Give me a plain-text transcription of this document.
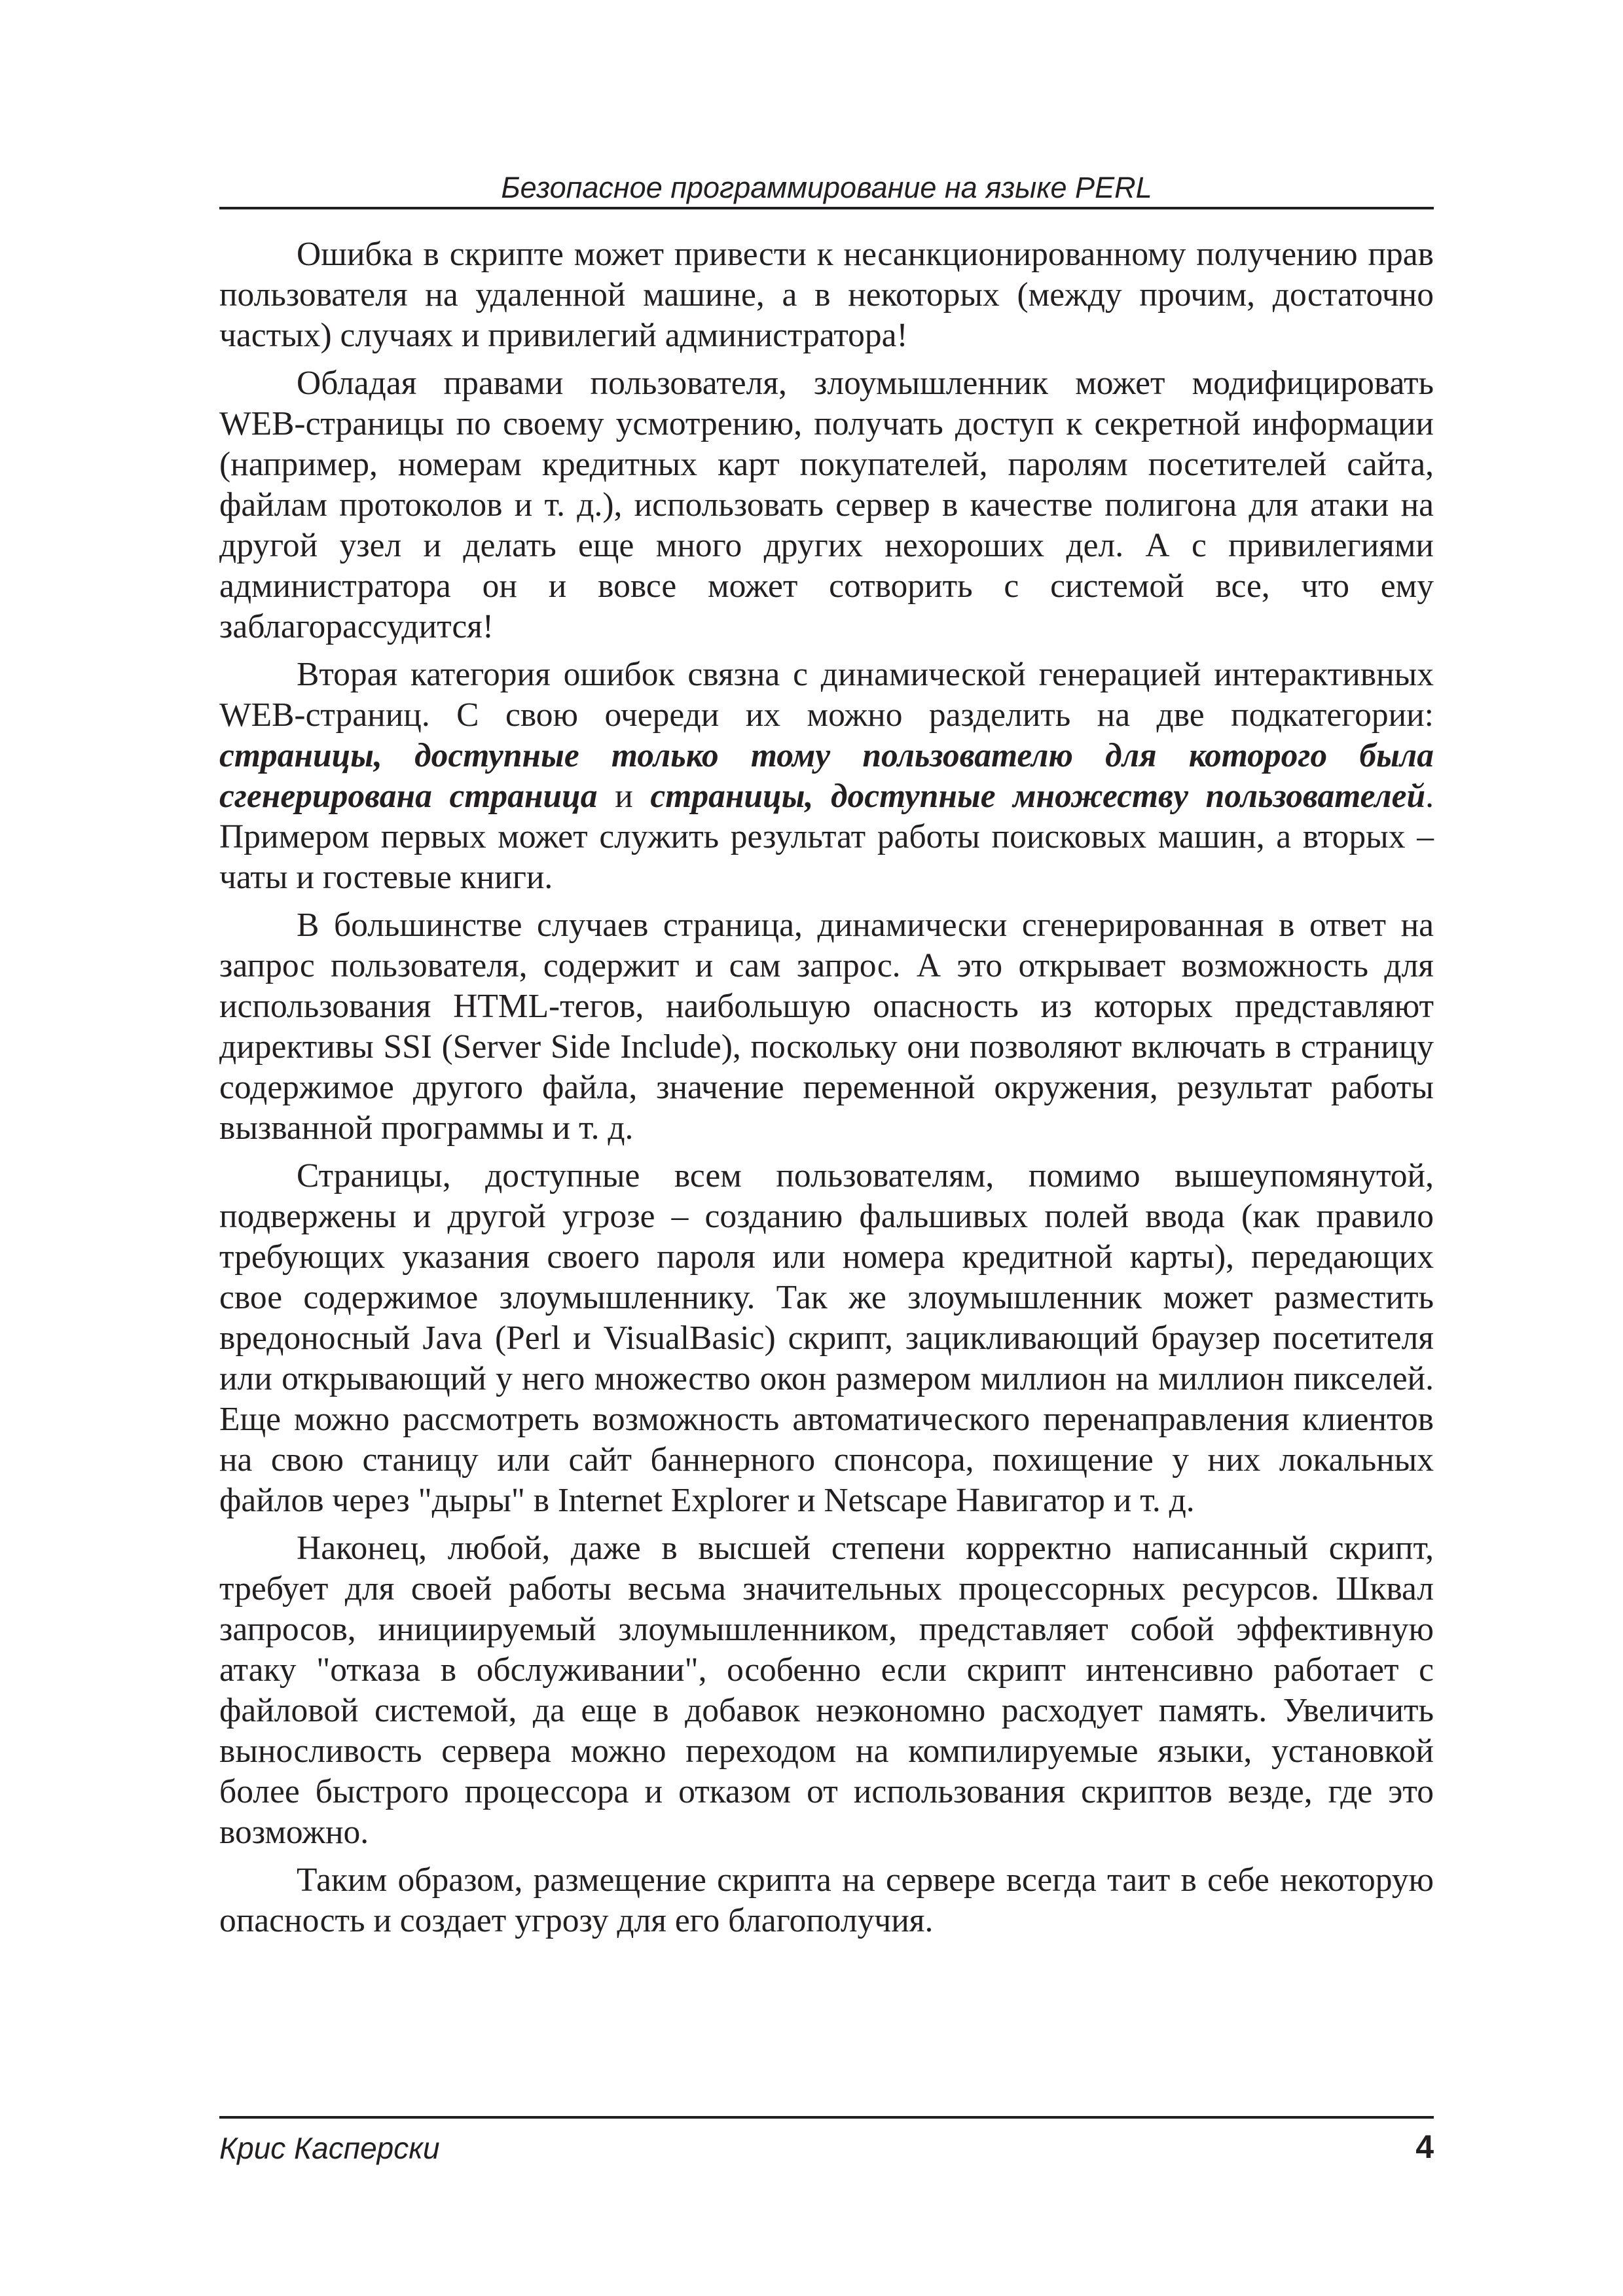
Безопасное программирование на языке PERL

Ошибка в скрипте может привести к несанкционированному получению прав пользователя на удаленной машине, а в некоторых (между прочим, достаточно частых) случаях и привилегий администратора!

Обладая правами пользователя, злоумышленник может модифицировать WEB-страницы по своему усмотрению, получать доступ к секретной информации (например, номерам кредитных карт покупателей, паролям посетителей сайта, файлам протоколов и т. д.), использовать сервер в качестве полигона для атаки на другой узел и делать еще много других нехороших дел. А с привилегиями администратора он и вовсе может сотворить с системой все, что ему заблагорассудится!

Вторая категория ошибок связна с динамической генерацией интерактивных WEB-страниц. С свою очереди их можно разделить на две подкатегории: страницы, доступные только тому пользователю для которого была сгенерирована страница и страницы, доступные множеству пользователей. Примером первых может служить результат работы поисковых машин, а вторых – чаты и гостевые книги.

В большинстве случаев страница, динамически сгенерированная в ответ на запрос пользователя, содержит и сам запрос. А это открывает возможность для использования HTML-тегов, наибольшую опасность из которых представляют директивы SSI (Server Side Include), поскольку они позволяют включать в страницу содержимое другого файла, значение переменной окружения, результат работы вызванной программы и т. д.

Страницы, доступные всем пользователям, помимо вышеупомянутой, подвержены и другой угрозе – созданию фальшивых полей ввода (как правило требующих указания своего пароля или номера кредитной карты), передающих свое содержимое злоумышленнику. Так же злоумышленник может разместить вредоносный Java (Perl и VisualBasic) скрипт, зацикливающий браузер посетителя или открывающий у него множество окон размером миллион на миллион пикселей. Еще можно рассмотреть возможность автоматического перенаправления клиентов на свою станицу или сайт баннерного спонсора, похищение у них локальных файлов через "дыры" в Internet Explorer и Netscape Навигатор и т. д.

Наконец, любой, даже в высшей степени корректно написанный скрипт, требует для своей работы весьма значительных процессорных ресурсов. Шквал запросов, инициируемый злоумышленником, представляет собой эффективную атаку "отказа в обслуживании", особенно если скрипт интенсивно работает с файловой системой, да еще в добавок неэкономно расходует память. Увеличить выносливость сервера можно переходом на компилируемые языки, установкой более быстрого процессора и отказом от использования скриптов везде, где это возможно.

Таким образом, размещение скрипта на сервере всегда таит в себе некоторую опасность и создает угрозу для его благополучия.

Крис Касперски	4
